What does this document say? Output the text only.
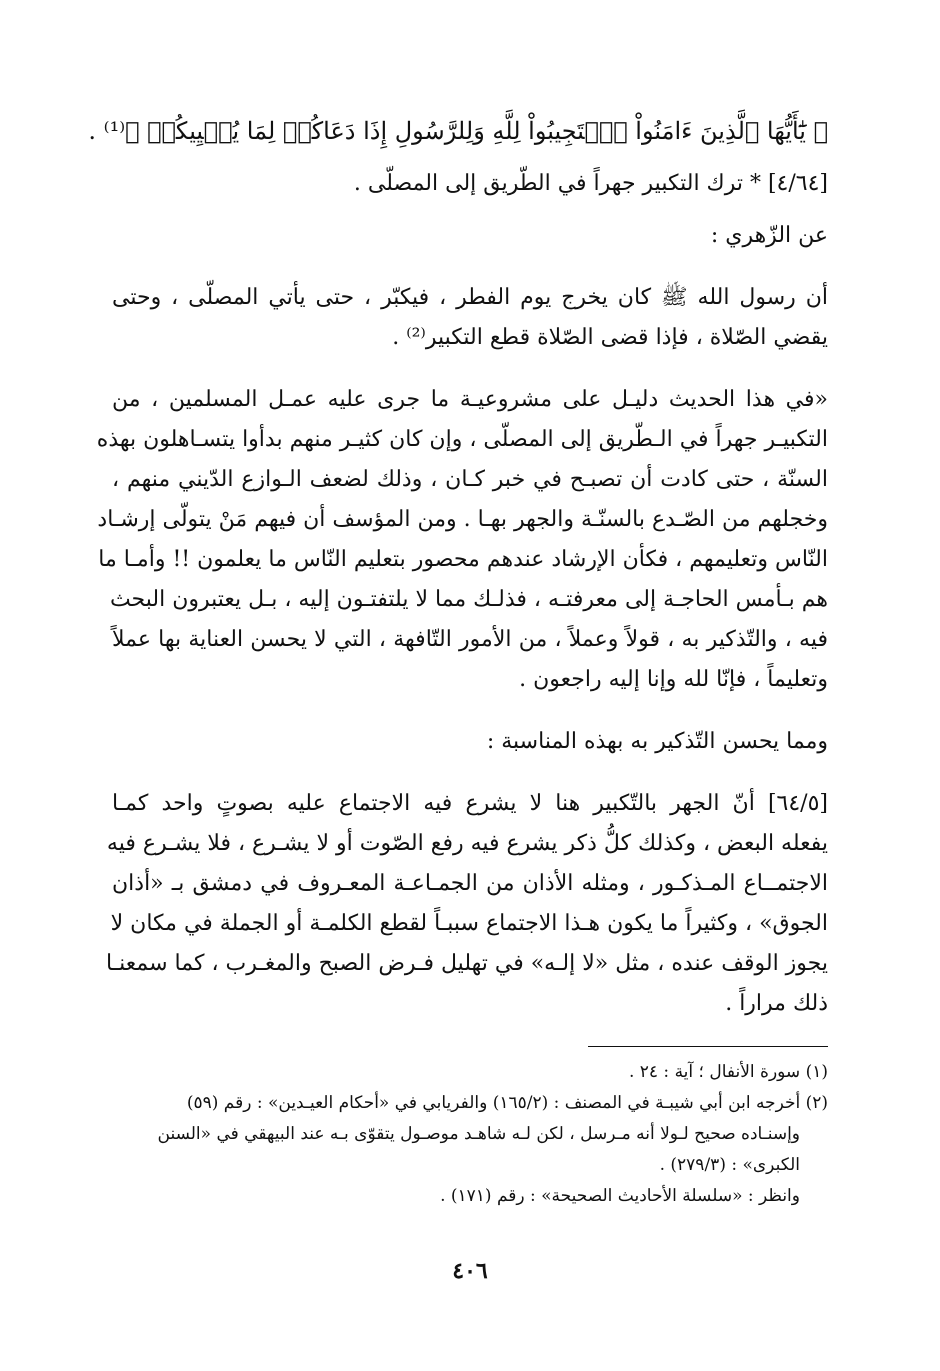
﴿ يَٰٓأَيُّهَا ٱلَّذِينَ ءَامَنُواْ ٱسۡتَجِيبُواْ لِلَّهِ وَلِلرَّسُولِ إِذَا دَعَاكُمۡ لِمَا يُحۡيِيكُمۡ ﴾⁽¹⁾ .

[٤/٦٤] * ترك التكبير جهراً في الطّريق إلى المصلّى .

عن الزّهري :

أن رسول الله ﷺ كان يخرج يوم الفطر ، فيكبّر ، حتى يأتي المصلّى ، وحتى

يقضي الصّلاة ، فإذا قضى الصّلاة قطع التكبير⁽²⁾ .

«في هذا الحديث دليـل على مشروعيـة ما جرى عليه عمـل المسلمين ، من

التكبيـر جهراً في الـطّريق إلى المصلّى ، وإن كان كثيـر منهم بدأوا يتسـاهلون بهذه

السنّة ، حتى كادت أن تصبـح في خبر كـان ، وذلك لضعف الـوازع الدّيني منهم ،

وخجلهم من الصّـدع بالسنّـة والجهر بهـا . ومن المؤسف أن فيهم مَنْ يتولّى إرشـاد

النّاس وتعليمهم ، فكأن الإرشاد عندهم محصور بتعليم النّاس ما يعلمون !! وأمـا ما

هم بـأمس الحاجـة إلى معرفتـه ، فذلـك مما لا يلتفتـون إليه ، بـل يعتبرون البحث

فيه ، والتّذكير به ، قولاً وعملاً ، من الأمور التّافهة ، التي لا يحسن العناية بها عملاً

وتعليماً ، فإنّا لله وإنا إليه راجعون .

ومما يحسن التّذكير به بهذه المناسبة :

[٦٤/٥] أنّ الجهر بالتّكبير هنا لا يشرع فيه الاجتماع عليه بصوتٍ واحد كمـا

يفعله البعض ، وكذلك كلُّ ذكر يشرع فيه رفع الصّوت أو لا يشـرع ، فلا يشـرع فيه

الاجتمــاع المـذكـور ، ومثله الأذان من الجمـاعـة المعـروف في دمشق بـ «أذان

الجوق» ، وكثيراً ما يكون هـذا الاجتماع سببـاً لقطع الكلمـة أو الجملة في مكان لا

يجوز الوقف عنده ، مثل «لا إلـه» في تهليل فـرض الصبح والمغـرب ، كما سمعنـا

ذلك مراراً .

(١) سورة الأنفال ؛ آية : ٢٤ .

(٢) أخرجه ابن أبي شيبـة في المصنف : (١٦٥/٢) والفريابي في «أحكام العيـدين» : رقم (٥٩)

وإسنـاده صحيح لـولا أنه مـرسل ، لكن لـه شاهـد موصـول يتقوّى بـه عند البيهقي في «السنن

الكبرى» : (٢٧٩/٣) .

وانظر : «سلسلة الأحاديث الصحيحة» : رقم (١٧١) .

٤٠٦
